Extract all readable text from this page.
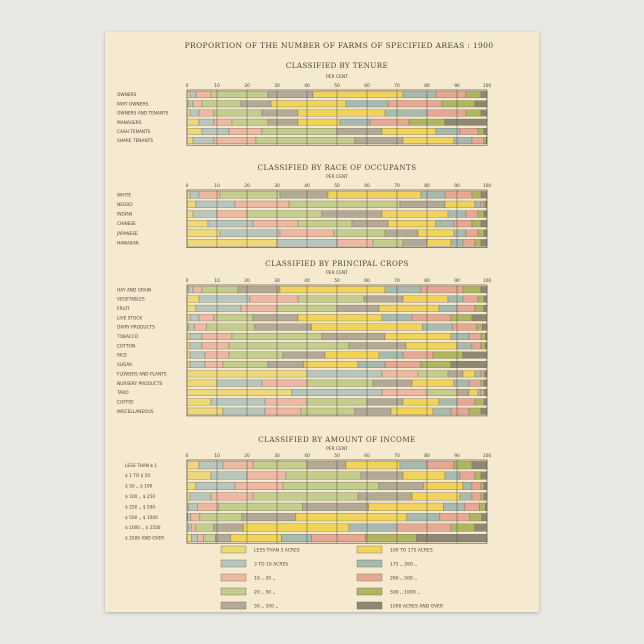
PROPORTION OF THE NUMBER OF FARMS OF SPECIFIED AREAS : 1900
CLASSIFIED BY TENURE
PER CENT
0	10	20	30	40	50	60	70	80	90	100
OWNERS
PART OWNERS
OWNERS AND TENANTS
MANAGERS
CASH TENANTS
SHARE TENANTS
CLASSIFIED BY RACE OF OCCUPANTS
PER CENT
0	10	20	30	40	50	60	70	80	90	100
WHITE
NEGRO
INDIAN
CHINESE
JAPANESE
HAWAIIAN
CLASSIFIED BY PRINCIPAL CROPS
PER CENT
0	10	20	30	40	50	60	70	80	90	100
HAY AND GRAIN
VEGETABLES
FRUIT
LIVE STOCK
DAIRY PRODUCTS
TOBACCO
COTTON
RICE
SUGAR
FLOWERS AND PLANTS
NURSERY PRODUCTS
TARO
COFFEE
MISCELLANEOUS
CLASSIFIED BY AMOUNT OF INCOME
PER CENT
0	10	20	30	40	50	60	70	80	90	100
LESS THAN $ 1
$ 1 TO $ 50
$ 50 ,, $ 100
$ 100 ,, $ 250
$ 250 ,, $ 500
$ 500 ,, $ 1000
$ 1000 ,, $ 2500
$ 2500 AND OVER
LESS THAN 3 ACRES
3 TO 10 ACRES
10 ,, 20 ,,
20 ,, 50 ,,
50 ,, 100 ,,
100 TO 175 ACRES
175 ,, 260 ,,
260 ,, 500 ,,
500 ,, 1000 ,,
1000 ACRES AND OVER
